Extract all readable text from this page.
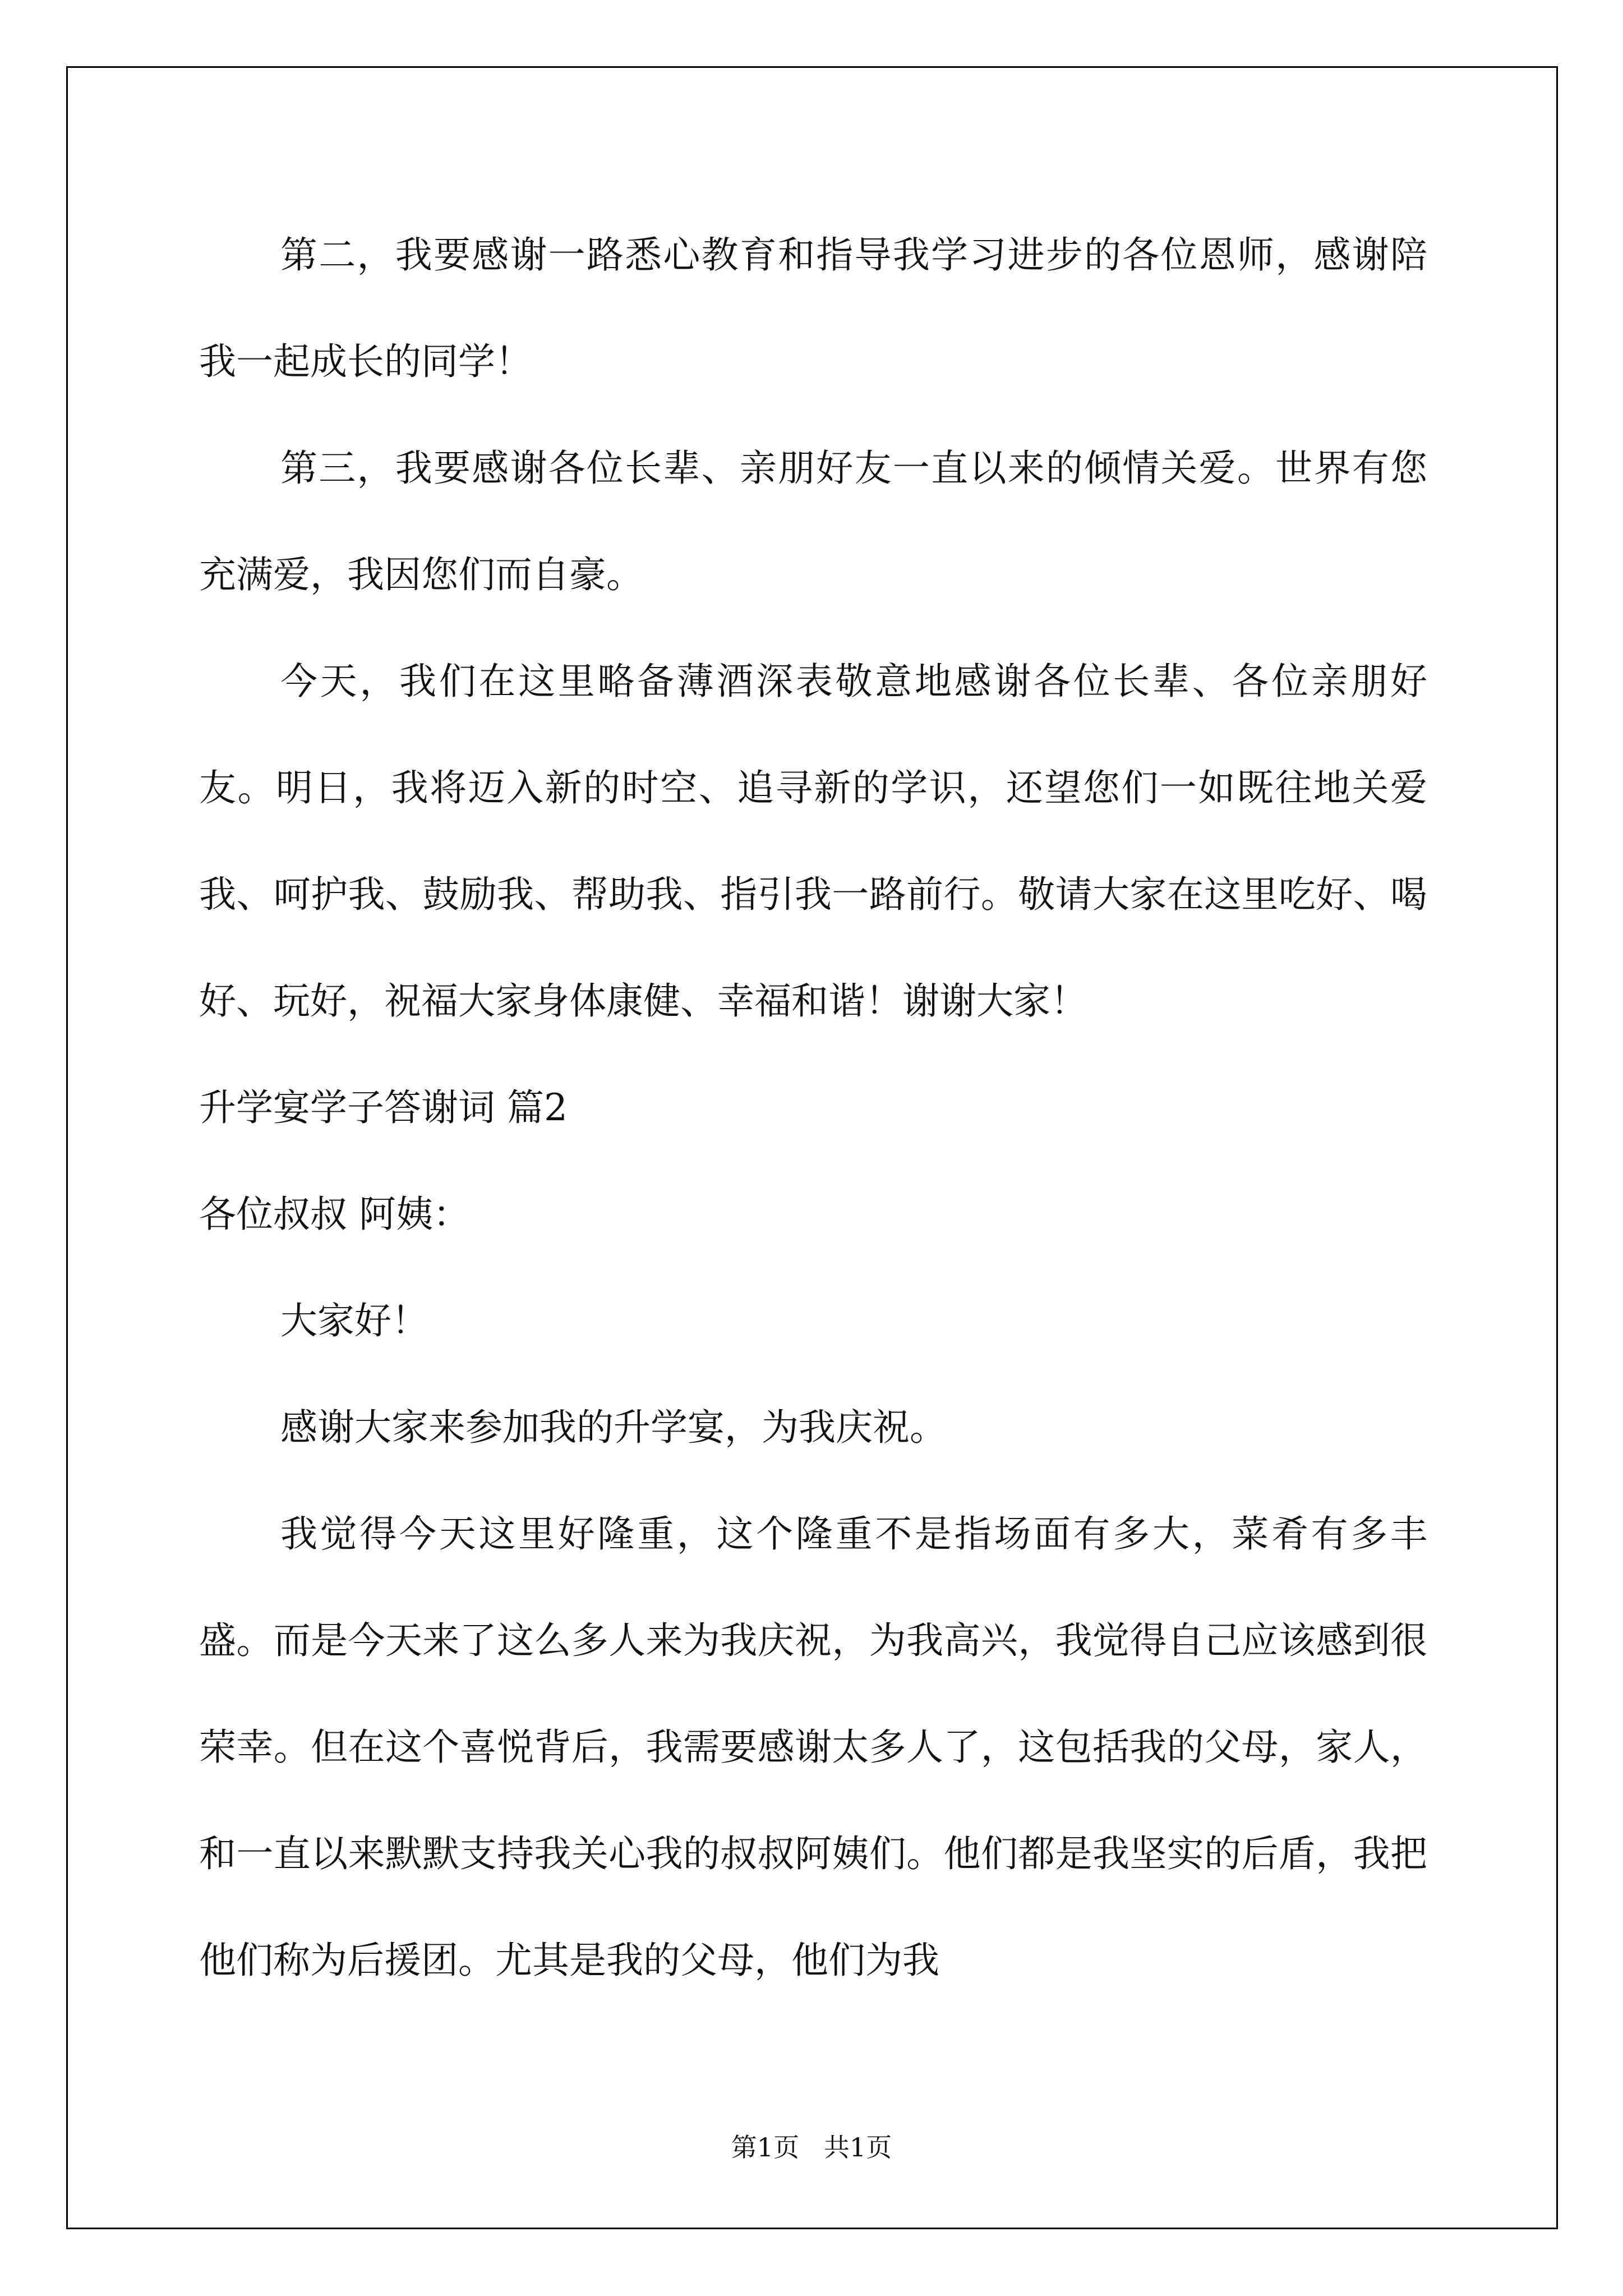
第二，我要感谢一路悉心教育和指导我学习进步的各位恩师，感谢陪我一起成长的同学！

第三，我要感谢各位长辈、亲朋好友一直以来的倾情关爱。世界有您充满爱，我因您们而自豪。

今天，我们在这里略备薄酒深表敬意地感谢各位长辈、各位亲朋好友。明日，我将迈入新的时空、追寻新的学识，还望您们一如既往地关爱我、呵护我、鼓励我、帮助我、指引我一路前行。敬请大家在这里吃好、喝好、玩好，祝福大家身体康健、幸福和谐！谢谢大家！

升学宴学子答谢词 篇2

各位叔叔 阿姨：

大家好！

感谢大家来参加我的升学宴，为我庆祝。

我觉得今天这里好隆重，这个隆重不是指场面有多大，菜肴有多丰盛。而是今天来了这么多人来为我庆祝，为我高兴，我觉得自己应该感到很荣幸。但在这个喜悦背后，我需要感谢太多人了，这包括我的父母，家人，和一直以来默默支持我关心我的叔叔阿姨们。他们都是我坚实的后盾，我把他们称为后援团。尤其是我的父母，他们为我

第1页   共1页
